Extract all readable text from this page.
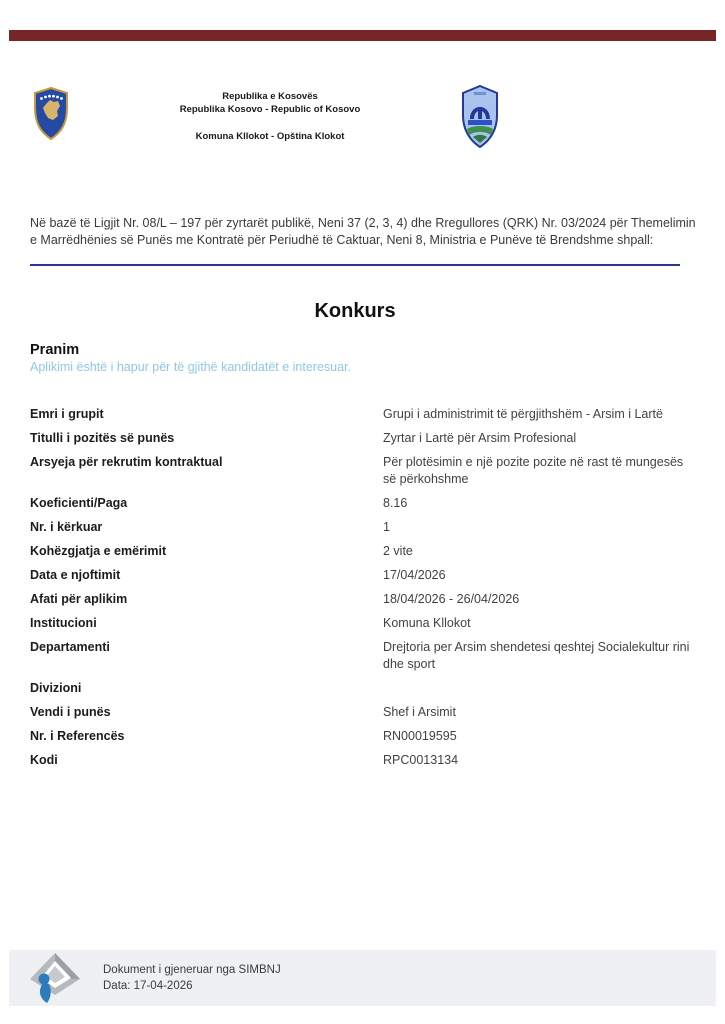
Republika e Kosovës
Republika Kosovo - Republic of Kosovo
Komuna Kllokot - Opština Klokot

Në bazë të Ligjit Nr. 08/L – 197 për zyrtarët publikë, Neni 37 (2, 3, 4) dhe Rregullores (QRK) Nr. 03/2024 për Themelimin e Marrëdhënies së Punës me Kontratë për Periudhë të Caktuar, Neni 8, Ministria e Punëve të Brendshme shpall:

Konkurs
Pranim
Aplikimi është i hapur për të gjithë kandidatët e interesuar.
Emri i grupit	Grupi i administrimit të përgjithshëm - Arsim i Lartë
Titulli i pozitës së punës	Zyrtar i Lartë për Arsim Profesional
Arsyeja për rekrutim kontraktual	Për plotësimin e një pozite pozite në rast të mungesës së përkohshme
Koeficienti/Paga	8.16
Nr. i kërkuar	1
Kohëzgjatja e emërimit	2 vite
Data e njoftimit	17/04/2026
Afati për aplikim	18/04/2026 - 26/04/2026
Institucioni	Komuna Kllokot
Departamenti	Drejtoria per Arsim shendetesi qeshtej Socialekultur rini dhe sport
Divizioni
Vendi i punës	Shef i Arsimit
Nr. i Referencës	RN00019595
Kodi	RPC0013134
Dokument i gjeneruar nga SIMBNJ
Data: 17-04-2026
